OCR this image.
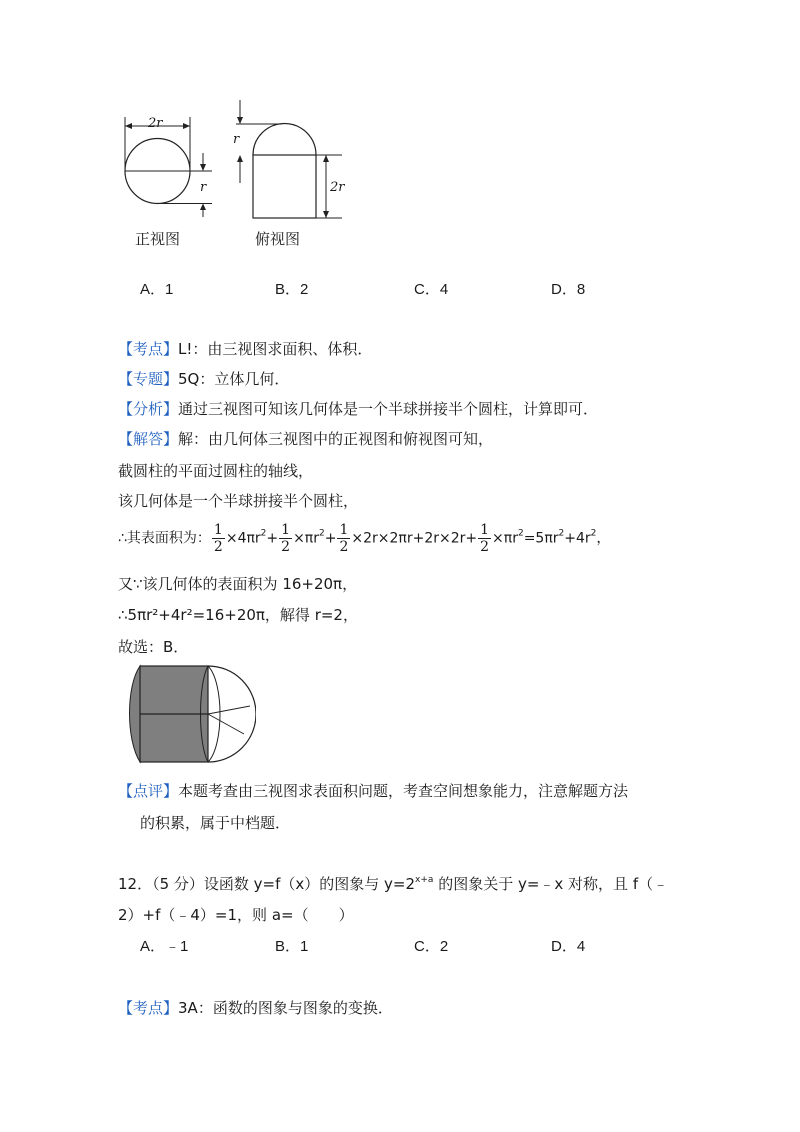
2r
r
r
2r
正视图	俯视图
A．1	B．2	C．4	D．8
【考点】L!：由三视图求面积、体积．
【专题】5Q：立体几何．
【分析】通过三视图可知该几何体是一个半球拼接半个圆柱，计算即可．
【解答】解：由几何体三视图中的正视图和俯视图可知，
截圆柱的平面过圆柱的轴线，
该几何体是一个半球拼接半个圆柱，
∴其表面积为： $\frac{1}{2} \times 4\pi r^2+ \frac{1}{2} \times\pi r^2+ \frac{1}{2} \times 2r\times 2\pi r+2r\times 2r+ \frac{1}{2} \times\pi r^2=5\pi r^2+4r^2$，
又∵该几何体的表面积为 16+20π，
∴5πr²+4r²=16+20π，解得 r=2，
故选：B．
【点评】本题考查由三视图求表面积问题，考查空间想象能力，注意解题方法
的积累，属于中档题．
12．（5 分）设函数 y=f（x）的图象与 $y=2^{x+a}$ 的图象关于 y=﹣x 对称，且 f（﹣
2）+f（﹣4）=1，则 a=（　　）
A．﹣1	B．1	C．2	D．4
【考点】3A：函数的图象与图象的变换．
